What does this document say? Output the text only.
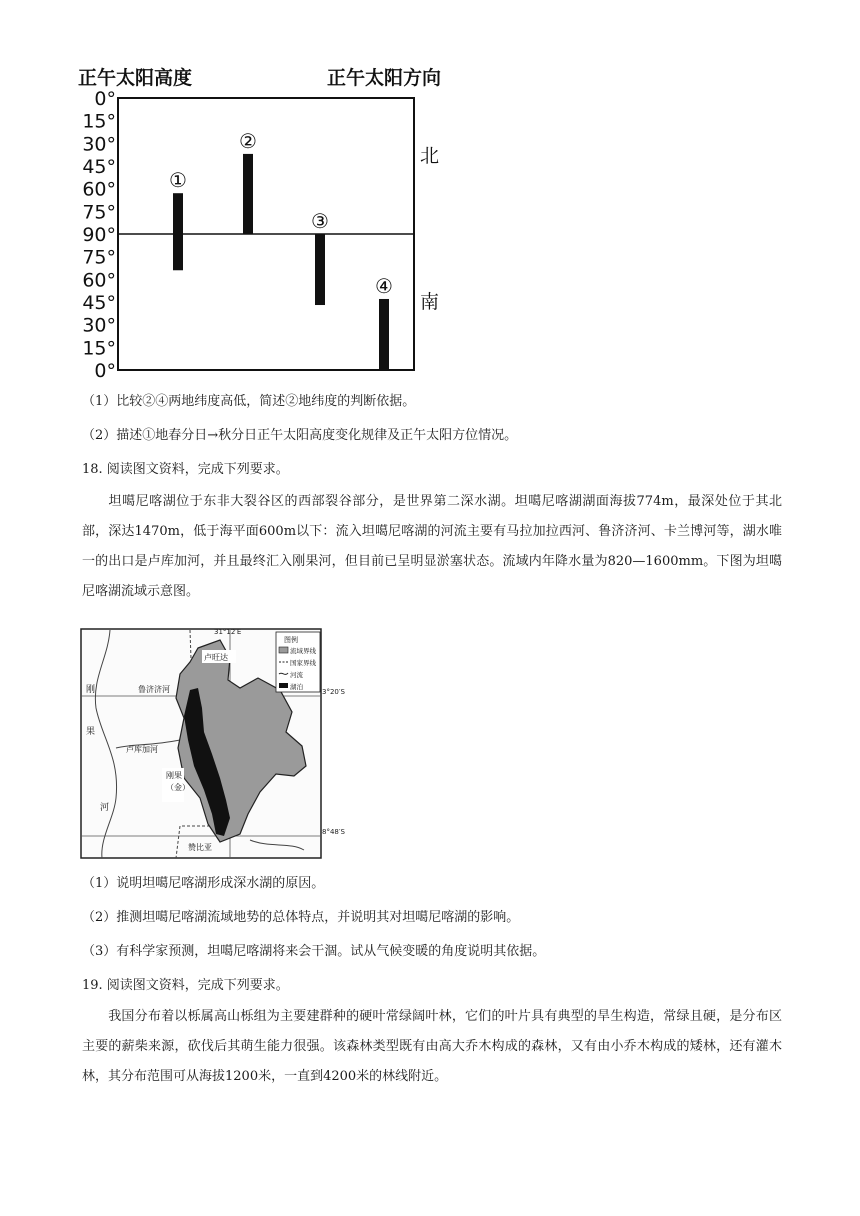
正午太阳高度	正午太阳方向
0°
15°
30°
45°
60°
75°
90°
75°
60°
45°
30°
15°
0°
北
南
①
②
③
④
（1）比较②④两地纬度高低，简述②地纬度的判断依据。
（2）描述①地春分日→秋分日正午太阳高度变化规律及正午太阳方位情况。
18. 阅读图文资料，完成下列要求。
坦噶尼喀湖位于东非大裂谷区的西部裂谷部分，是世界第二深水湖。坦噶尼喀湖湖面海拔774m，最深处位于其北部，深达1470m，低于海平面600m以下：流入坦噶尼喀湖的河流主要有马拉加拉西河、鲁济济河、卡兰博河等，湖水唯一的出口是卢库加河，并且最终汇入刚果河，但目前已呈明显淤塞状态。流域内年降水量为820—1600mm。下图为坦噶尼喀湖流域示意图。
31°12′E
3°20′S
8°48′S
卢旺达
鲁济济河
卢库加河
刚
果
河
刚果（金）
赞比亚
图例
流域界线
国家界线
河流
湖泊
（1）说明坦噶尼喀湖形成深水湖的原因。
（2）推测坦噶尼喀湖流域地势的总体特点，并说明其对坦噶尼喀湖的影响。
（3）有科学家预测，坦噶尼喀湖将来会干涸。试从气候变暖的角度说明其依据。
19. 阅读图文资料，完成下列要求。
我国分布着以栎属高山栎组为主要建群种的硬叶常绿阔叶林，它们的叶片具有典型的旱生构造，常绿且硬，是分布区主要的薪柴来源，砍伐后其萌生能力很强。该森林类型既有由高大乔木构成的森林，又有由小乔木构成的矮林，还有灌木林，其分布范围可从海拔1200米，一直到4200米的林线附近。
